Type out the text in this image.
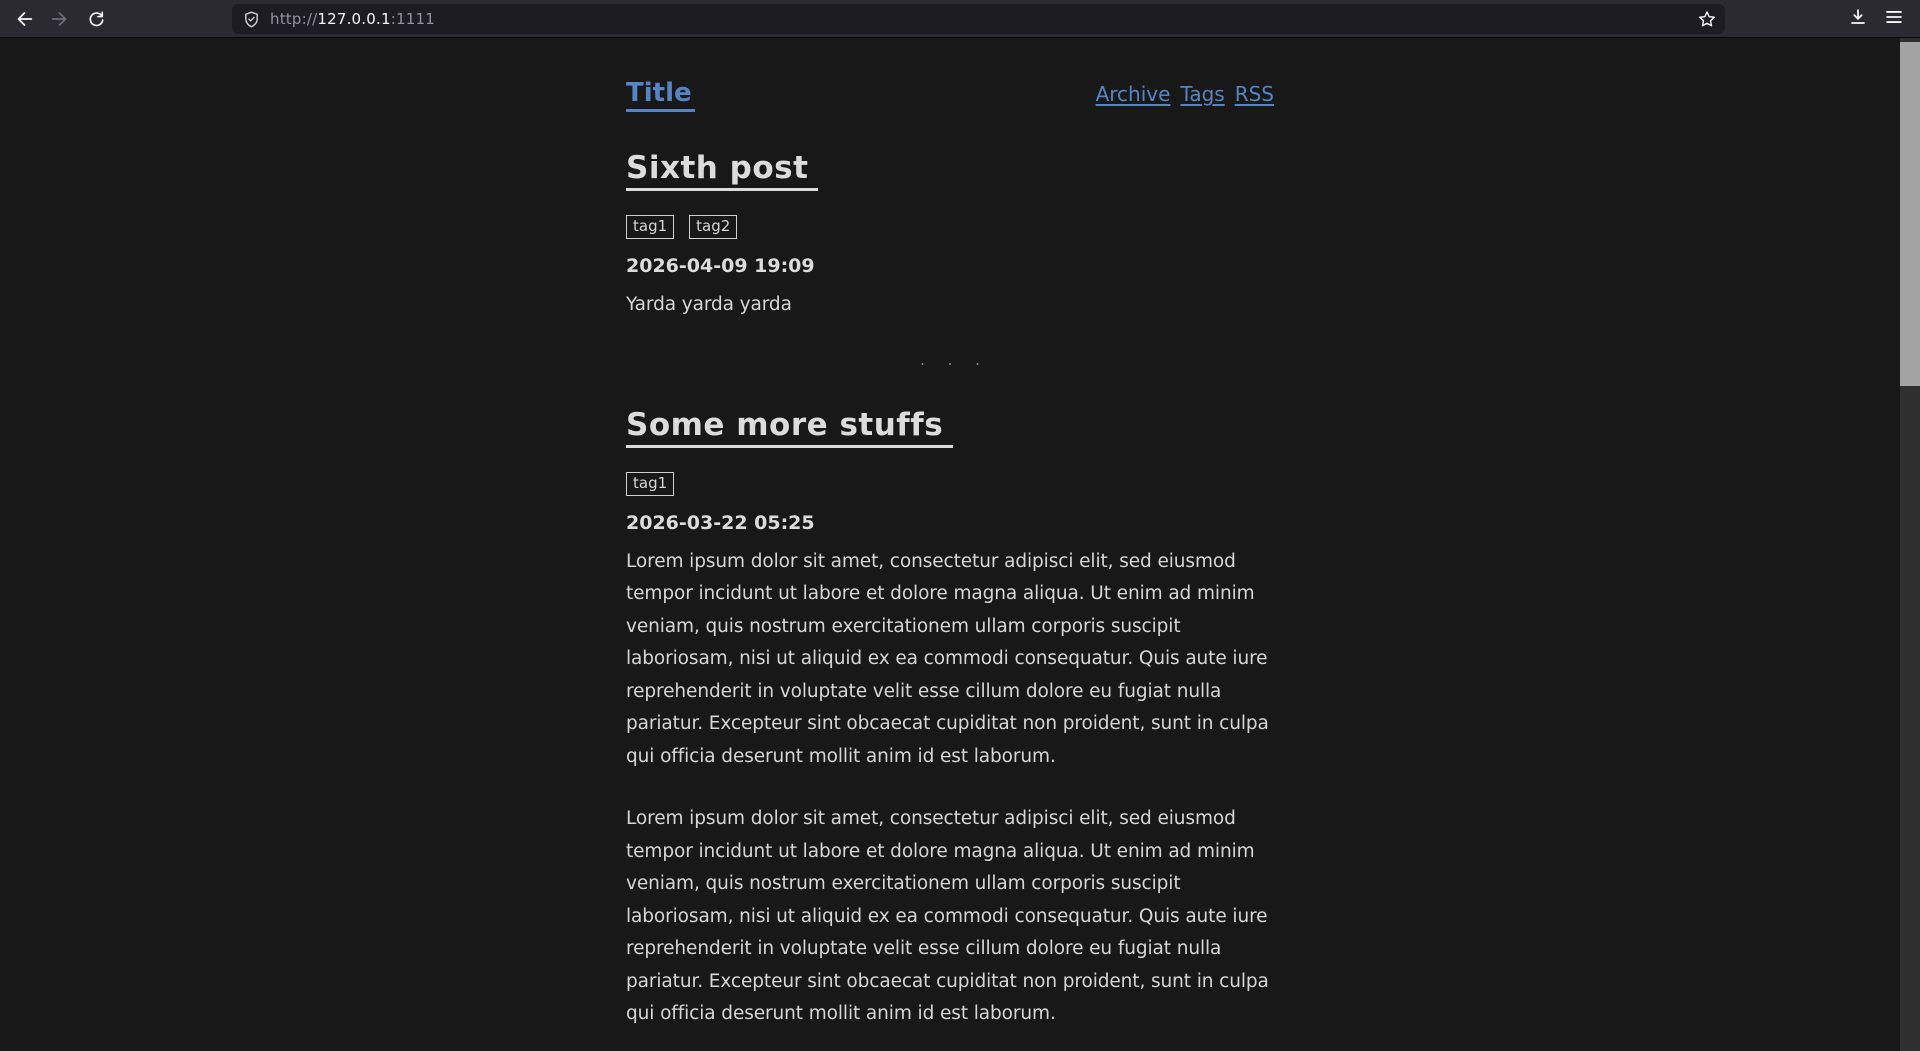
http://127.0.0.1:1111
Title	Archive Tags RSS
Sixth post
tag1	tag2
2026-04-09 19:09

Yarda yarda yarda

. . .
Some more stuffs
tag1
2026-03-22 05:25

Lorem ipsum dolor sit amet, consectetur adipisci elit, sed eiusmod tempor incidunt ut labore et dolore magna aliqua. Ut enim ad minim veniam, quis nostrum exercitationem ullam corporis suscipit laboriosam, nisi ut aliquid ex ea commodi consequatur. Quis aute iure reprehenderit in voluptate velit esse cillum dolore eu fugiat nulla pariatur. Excepteur sint obcaecat cupiditat non proident, sunt in culpa qui officia deserunt mollit anim id est laborum.

Lorem ipsum dolor sit amet, consectetur adipisci elit, sed eiusmod tempor incidunt ut labore et dolore magna aliqua. Ut enim ad minim veniam, quis nostrum exercitationem ullam corporis suscipit laboriosam, nisi ut aliquid ex ea commodi consequatur. Quis aute iure reprehenderit in voluptate velit esse cillum dolore eu fugiat nulla pariatur. Excepteur sint obcaecat cupiditat non proident, sunt in culpa qui officia deserunt mollit anim id est laborum.
